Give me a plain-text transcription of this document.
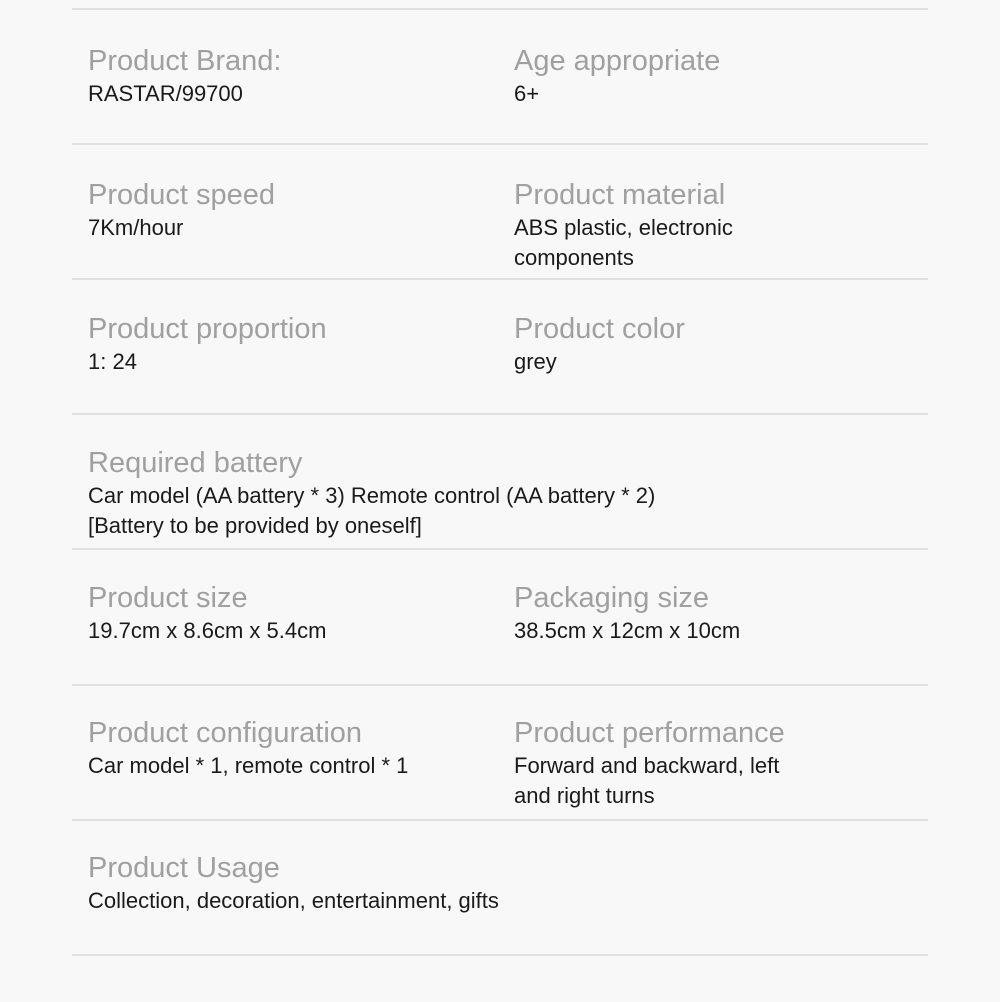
Product Brand:
RASTAR/99700
Age appropriate
6+
Product speed
7Km/hour
Product material
ABS plastic, electronic components
Product proportion
1: 24
Product color
grey
Required battery
Car model (AA battery * 3) Remote control (AA battery * 2)
[Battery to be provided by oneself]
Product size
19.7cm x 8.6cm x 5.4cm
Packaging size
38.5cm x 12cm x 10cm
Product configuration
Car model * 1, remote control * 1
Product performance
Forward and backward, left and right turns
Product Usage
Collection, decoration, entertainment, gifts
